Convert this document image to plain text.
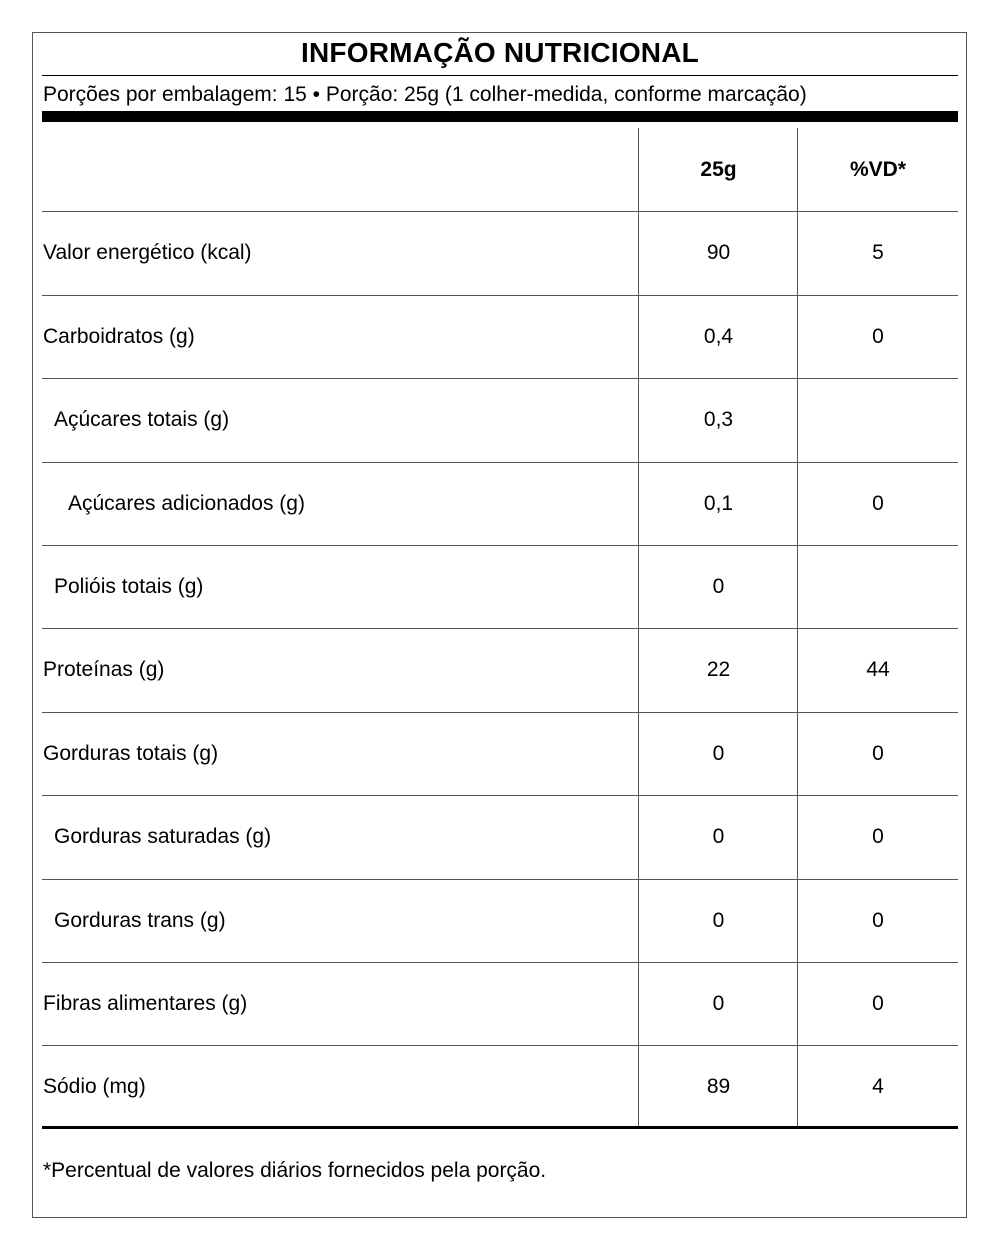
INFORMAÇÃO NUTRICIONAL
Porções por embalagem: 15 • Porção: 25g (1 colher-medida, conforme marcação)
25g	%VD*
Valor energético (kcal)	90	5
Carboidratos (g)	0,4	0
Açúcares totais (g)	0,3
Açúcares adicionados (g)	0,1	0
Polióis totais (g)	0
Proteínas (g)	22	44
Gorduras totais (g)	0	0
Gorduras saturadas (g)	0	0
Gorduras trans (g)	0	0
Fibras alimentares (g)	0	0
Sódio (mg)	89	4
*Percentual de valores diários fornecidos pela porção.
